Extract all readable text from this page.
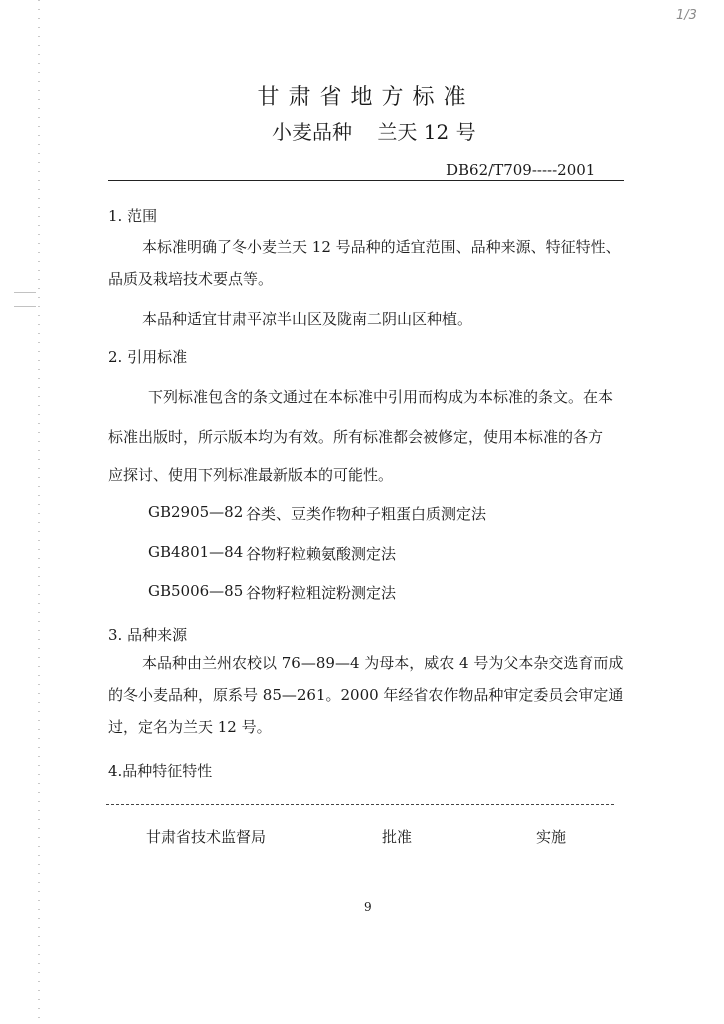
1/3
甘肃省地方标准
小麦品种    兰天 12 号
DB62/T709-----2001
1. 范围
本标准明确了冬小麦兰天 12 号品种的适宜范围、品种来源、特征特性、
品质及栽培技术要点等。
本品种适宜甘肃平凉半山区及陇南二阴山区种植。
2. 引用标准
下列标准包含的条文通过在本标准中引用而构成为本标准的条文。在本
标准出版时，所示版本均为有效。所有标准都会被修定，使用本标准的各方
应探讨、使用下列标准最新版本的可能性。
GB2905—82 谷类、豆类作物种子粗蛋白质测定法
GB4801—84 谷物籽粒赖氨酸测定法
GB5006—85 谷物籽粒粗淀粉测定法
3. 品种来源
本品种由兰州农校以 76—89—4 为母本，威农 4 号为父本杂交选育而成
的冬小麦品种，原系号 85—261。2000 年经省农作物品种审定委员会审定通
过，定名为兰天 12 号。
4.品种特征特性
甘肃省技术监督局	批准	实施
9
